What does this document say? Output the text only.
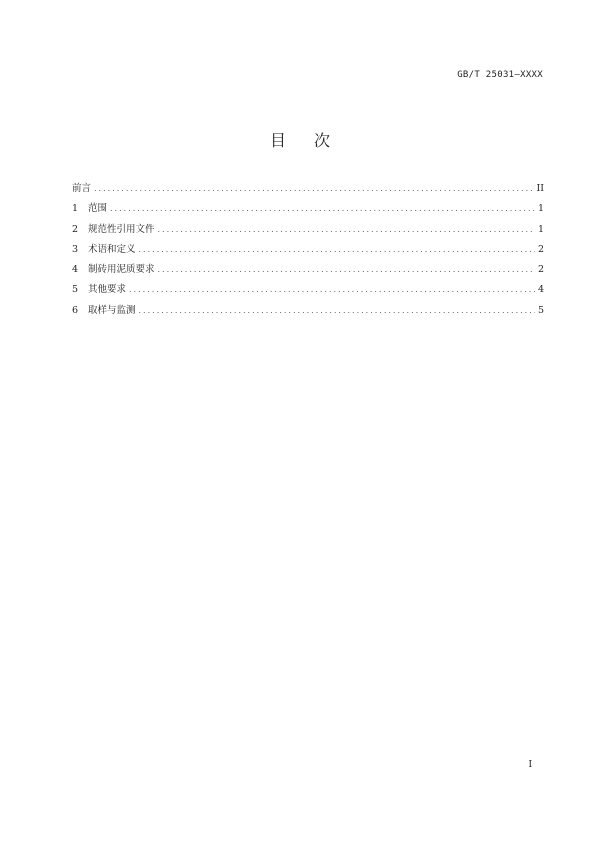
GB/T 25031—XXXX
目次
前言 .....	II
1	范围 .....	1
2	规范性引用文件 .....	1
3	术语和定义 .....	2
4	制砖用泥质要求 .....	2
5	其他要求 .....	4
6	取样与监测 .....	5
I
